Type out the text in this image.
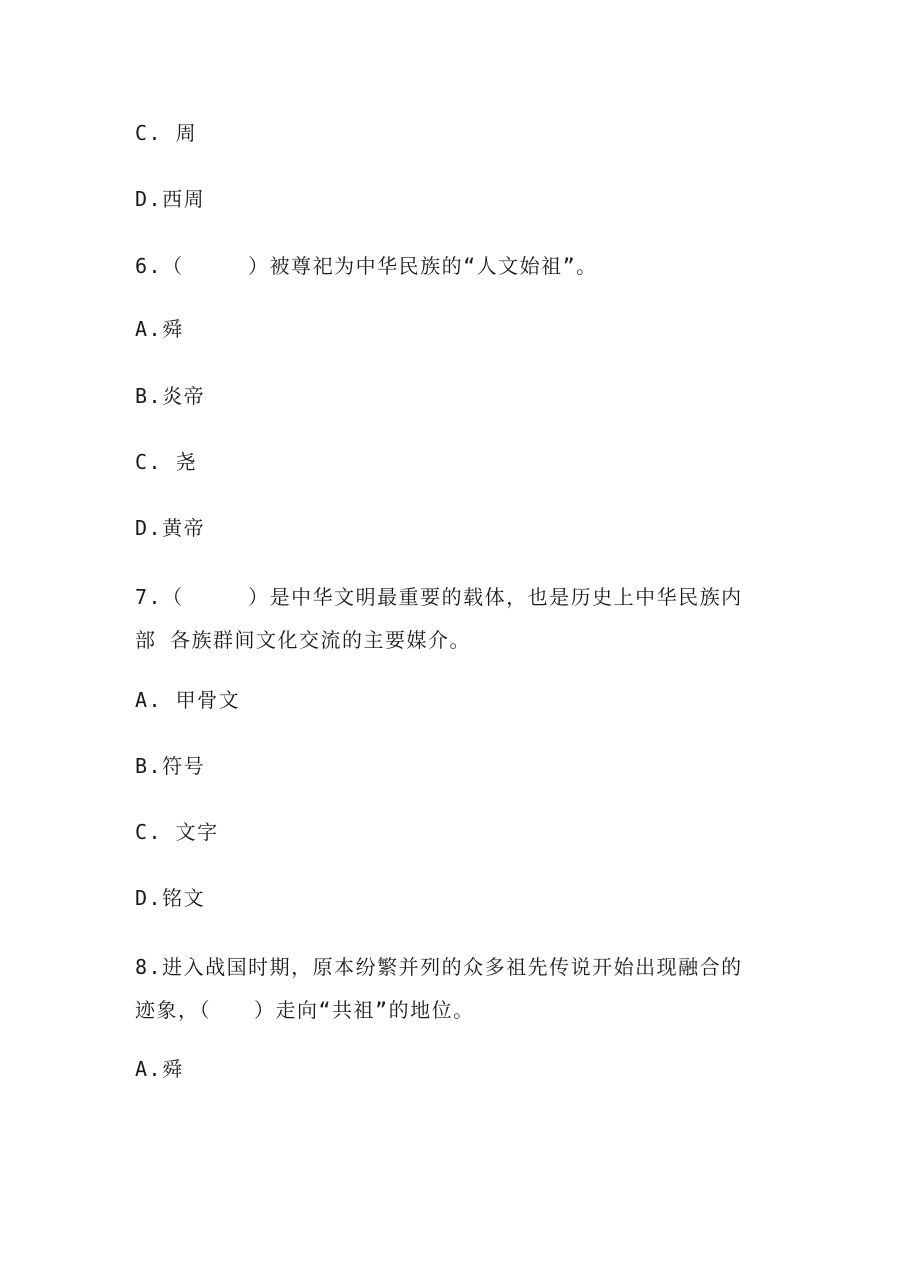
C. 周
D.西周
6.（　　　）被尊祀为中华民族的“人文始祖”。
A.舜
B.炎帝
C. 尧
D.黄帝
7.（　　　）是中华文明最重要的载体，也是历史上中华民族内
部 各族群间文化交流的主要媒介。
A. 甲骨文
B.符号
C. 文字
D.铭文
8.进入战国时期，原本纷繁并列的众多祖先传说开始出现融合的
迹象，（　　）走向“共祖”的地位。
A.舜
